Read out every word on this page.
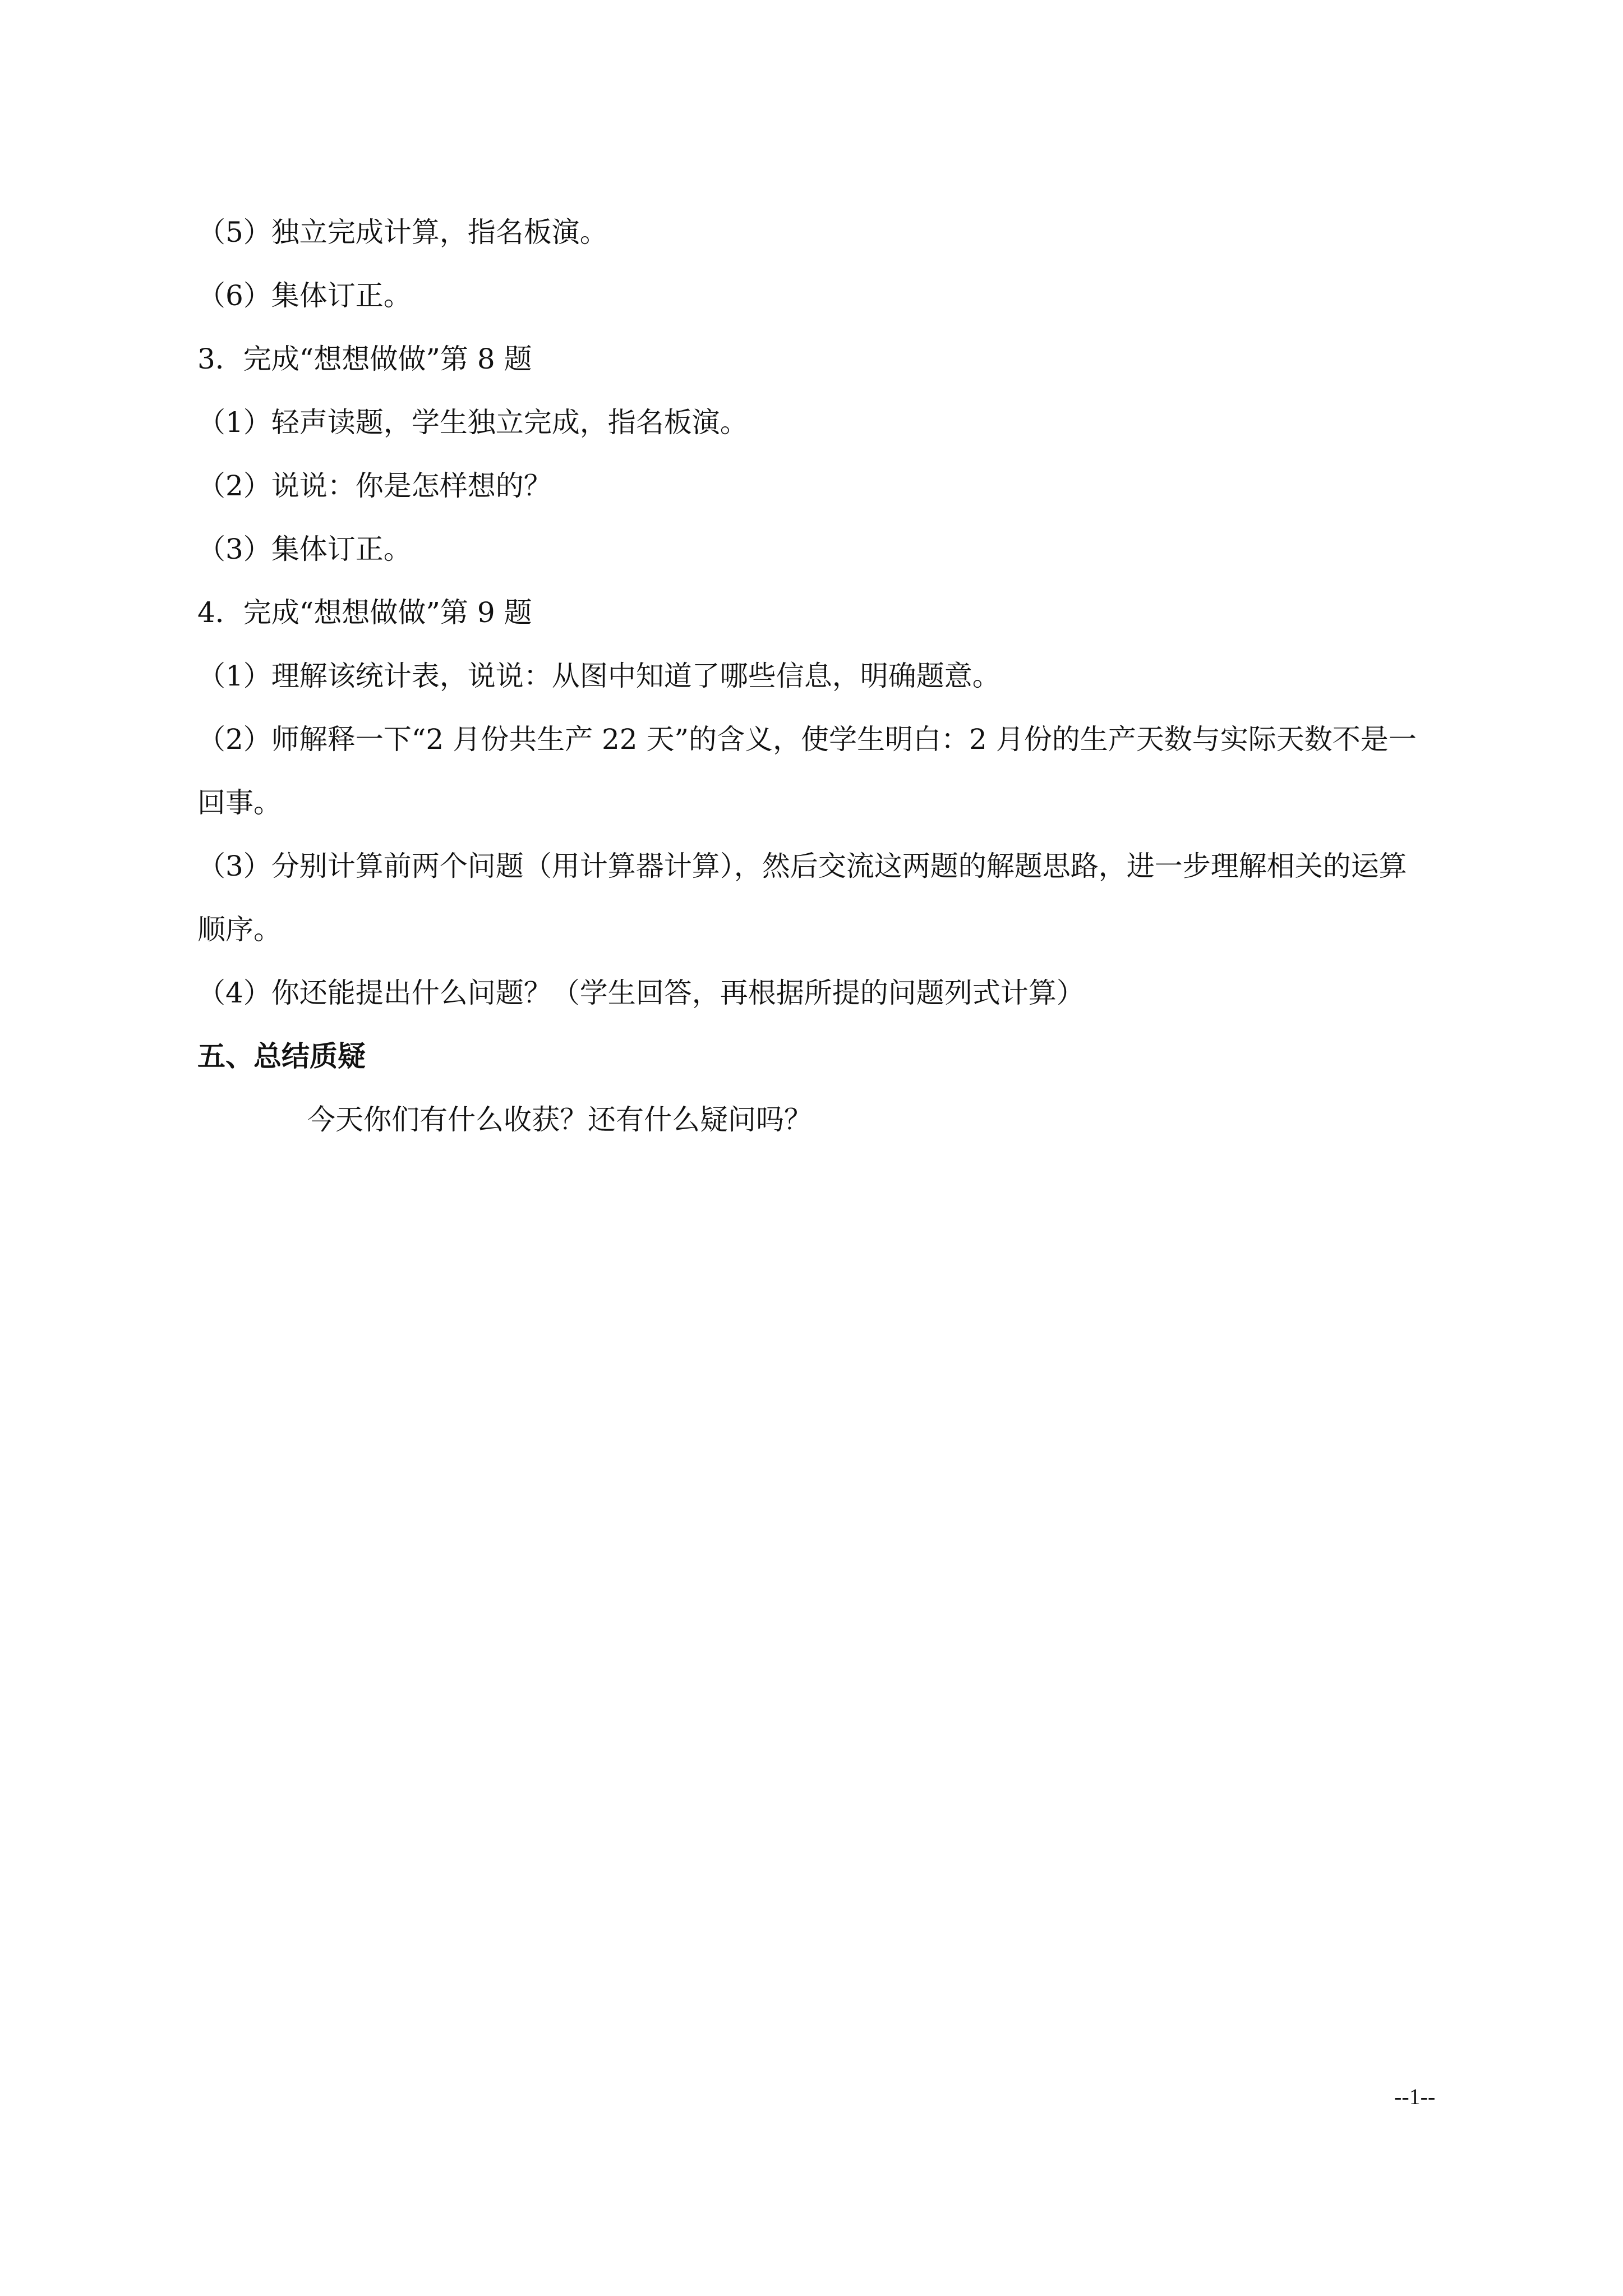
（5）独立完成计算，指名板演。

（6）集体订正。

3．完成“想想做做”第 8 题

（1）轻声读题，学生独立完成，指名板演。

（2）说说：你是怎样想的？

（3）集体订正。

4．完成“想想做做”第 9 题

（1）理解该统计表，说说：从图中知道了哪些信息，明确题意。

（2）师解释一下“2 月份共生产 22 天”的含义，使学生明白：2 月份的生产天数与实际天数不是一

回事。

（3）分别计算前两个问题（用计算器计算），然后交流这两题的解题思路，进一步理解相关的运算

顺序。

（4）你还能提出什么问题？（学生回答，再根据所提的问题列式计算）

五、总结质疑

今天你们有什么收获？还有什么疑问吗？

--1--
